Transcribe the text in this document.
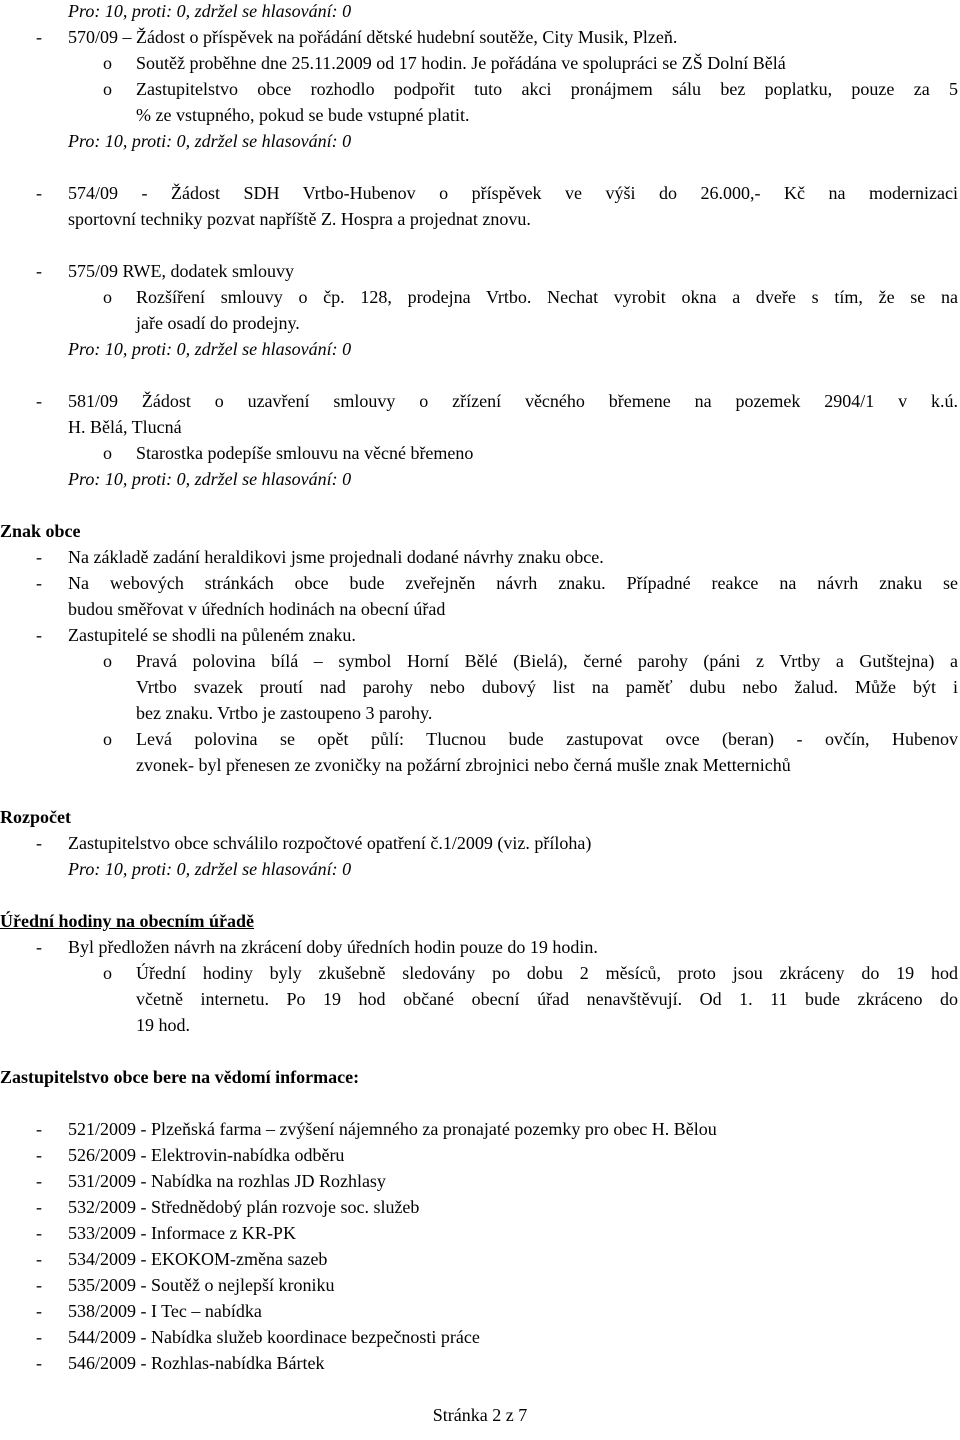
Pro: 10, proti: 0, zdržel se hlasování: 0
- 570/09 – Žádost o příspěvek na pořádání dětské hudební soutěže, City Musik, Plzeň.
o Soutěž proběhne dne 25.11.2009 od 17 hodin. Je pořádána ve spolupráci se ZŠ Dolní Bělá
o Zastupitelstvo obce rozhodlo podpořit tuto akci pronájmem sálu bez poplatku, pouze za 5
% ze vstupného, pokud se bude vstupné platit.
Pro: 10, proti: 0, zdržel se hlasování: 0
- 574/09 - Žádost SDH Vrtbo-Hubenov o příspěvek ve výši do 26.000,- Kč na modernizaci
sportovní techniky pozvat napříště Z. Hospra a projednat znovu.
- 575/09 RWE, dodatek smlouvy
o Rozšíření smlouvy o čp. 128, prodejna Vrtbo. Nechat vyrobit okna a dveře s tím, že se na
jaře osadí do prodejny.
Pro: 10, proti: 0, zdržel se hlasování: 0
- 581/09 Žádost o uzavření smlouvy o zřízení věcného břemene na pozemek 2904/1 v k.ú.
H. Bělá, Tlucná
o Starostka podepíše smlouvu na věcné břemeno
Pro: 10, proti: 0, zdržel se hlasování: 0
Znak obce
- Na základě zadání heraldikovi jsme projednali dodané návrhy znaku obce.
- Na webových stránkách obce bude zveřejněn návrh znaku. Případné reakce na návrh znaku se
budou směřovat v úředních hodinách na obecní úřad
- Zastupitelé se shodli na půleném znaku.
o Pravá polovina bílá – symbol Horní Bělé (Bielá), černé parohy (páni z Vrtby a Gutštejna) a
Vrtbo svazek proutí nad parohy nebo dubový list na paměť dubu nebo žalud. Může být i
bez znaku. Vrtbo je zastoupeno 3 parohy.
o Levá polovina se opět půlí: Tlucnou bude zastupovat ovce (beran) - ovčín, Hubenov
zvonek- byl přenesen ze zvoničky na požární zbrojnici nebo černá mušle znak Metternichů
Rozpočet
- Zastupitelstvo obce schválilo rozpočtové opatření č.1/2009 (viz. příloha)
Pro: 10, proti: 0, zdržel se hlasování: 0
Úřední hodiny na obecním úřadě
- Byl předložen návrh na zkrácení doby úředních hodin pouze do 19 hodin.
o Úřední hodiny byly zkušebně sledovány po dobu 2 měsíců, proto jsou zkráceny do 19 hod
včetně internetu. Po 19 hod občané obecní úřad nenavštěvují. Od 1. 11 bude zkráceno do
19 hod.
Zastupitelstvo obce bere na vědomí informace:
- 521/2009 - Plzeňská farma – zvýšení nájemného za pronajaté pozemky pro obec H. Bělou
- 526/2009 - Elektrovin-nabídka odběru
- 531/2009 - Nabídka na rozhlas JD Rozhlasy
- 532/2009 - Střednědobý plán rozvoje soc. služeb
- 533/2009 - Informace z KR-PK
- 534/2009 - EKOKOM-změna sazeb
- 535/2009 - Soutěž o nejlepší kroniku
- 538/2009 - I Tec – nabídka
- 544/2009 - Nabídka služeb koordinace bezpečnosti práce
- 546/2009 - Rozhlas-nabídka Bártek
Stránka 2 z 7
